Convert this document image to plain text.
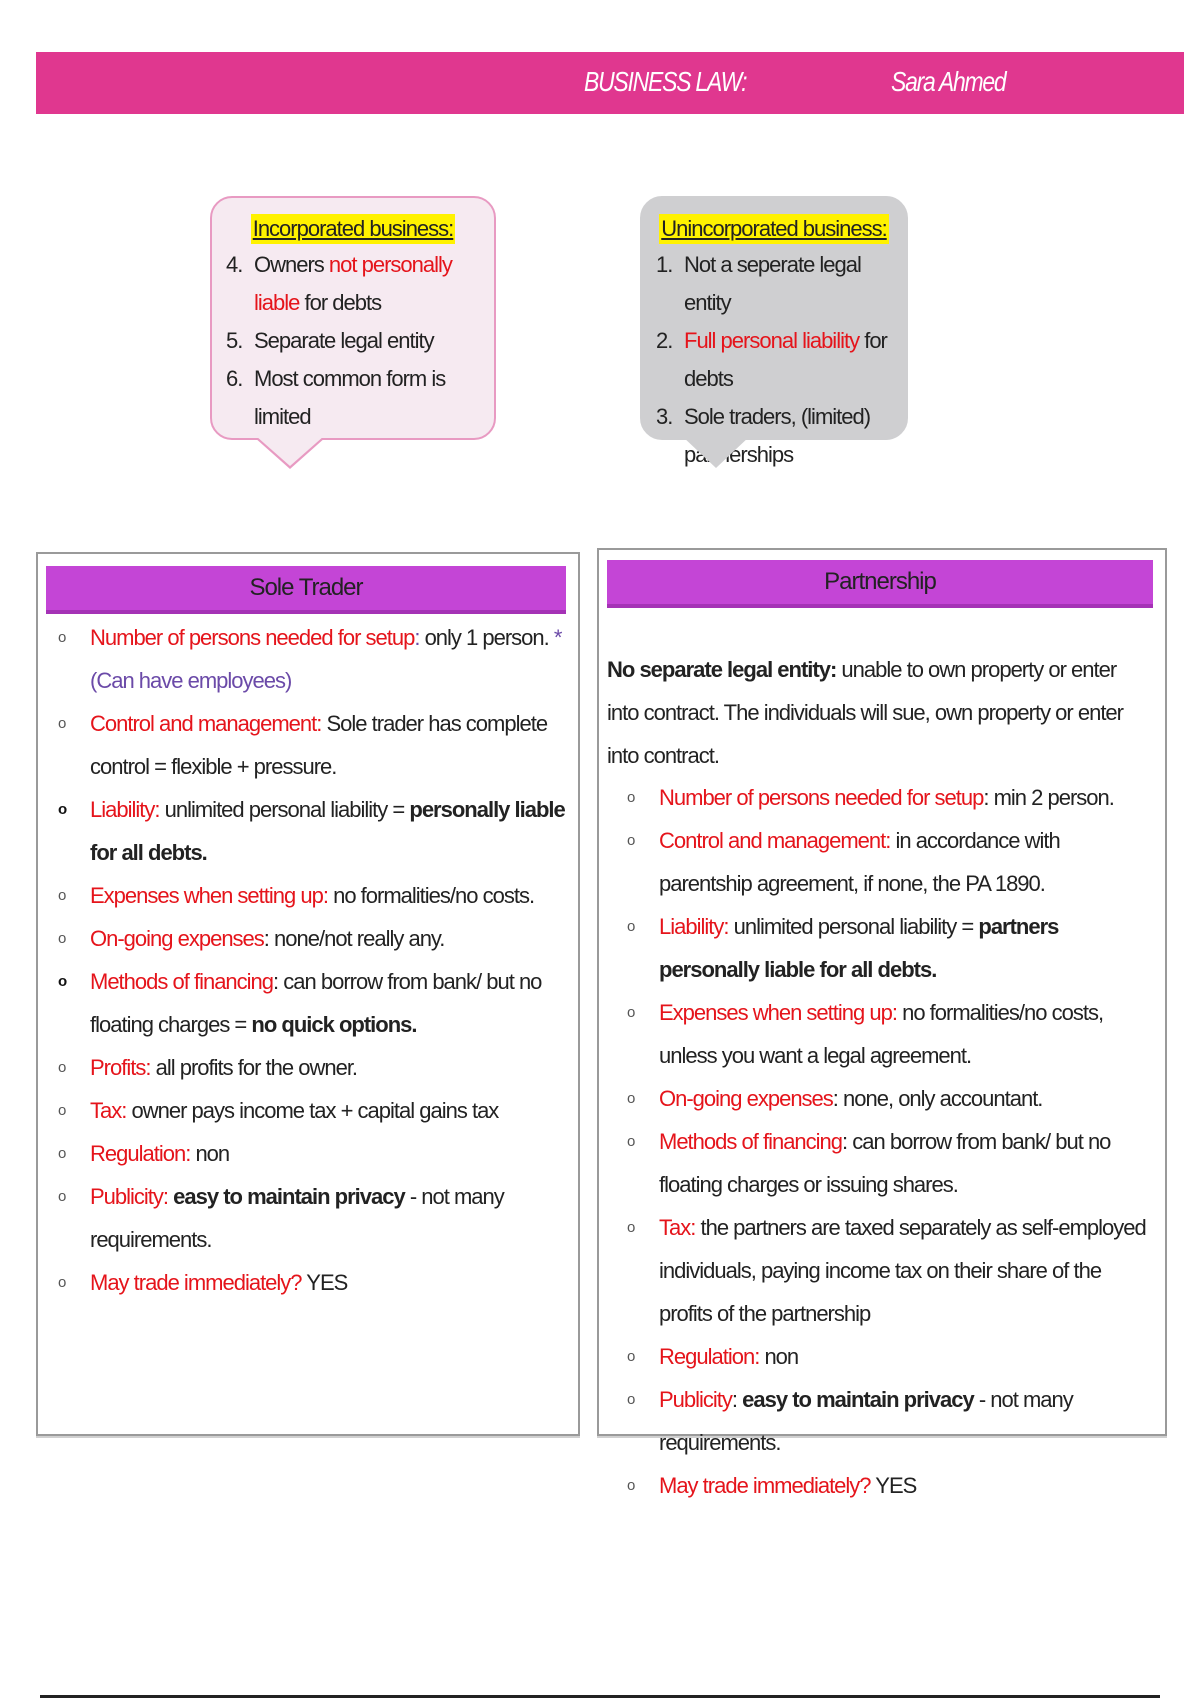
BUSINESS LAW:	Sara Ahmed
Incorporated business:
4. Owners not personally liable for debts
5. Separate legal entity
6. Most common form is limited
Unincorporated business:
1. Not a seperate legal entity
2. Full personal liability for debts
3. Sole traders, (limited) partnerships
Sole Trader
o Number of persons needed for setup: only 1 person. *(Can have employees)
o Control and management: Sole trader has complete control = flexible + pressure.
o Liability: unlimited personal liability = personally liable for all debts.
o Expenses when setting up: no formalities/no costs.
o On-going expenses: none/not really any.
o Methods of financing: can borrow from bank/ but no floating charges = no quick options.
o Profits: all profits for the owner.
o Tax: owner pays income tax + capital gains tax
o Regulation: non
o Publicity: easy to maintain privacy - not many requirements.
o May trade immediately? YES
Partnership
No separate legal entity: unable to own property or enter into contract. The individuals will sue, own property or enter into contract.
o Number of persons needed for setup: min 2 person.
o Control and management: in accordance with parentship agreement, if none, the PA 1890.
o Liability: unlimited personal liability = partners personally liable for all debts.
o Expenses when setting up: no formalities/no costs, unless you want a legal agreement.
o On-going expenses: none, only accountant.
o Methods of financing: can borrow from bank/ but no floating charges or issuing shares.
o Tax: the partners are taxed separately as self-employed individuals, paying income tax on their share of the profits of the partnership
o Regulation: non
o Publicity: easy to maintain privacy - not many requirements.
o May trade immediately? YES
